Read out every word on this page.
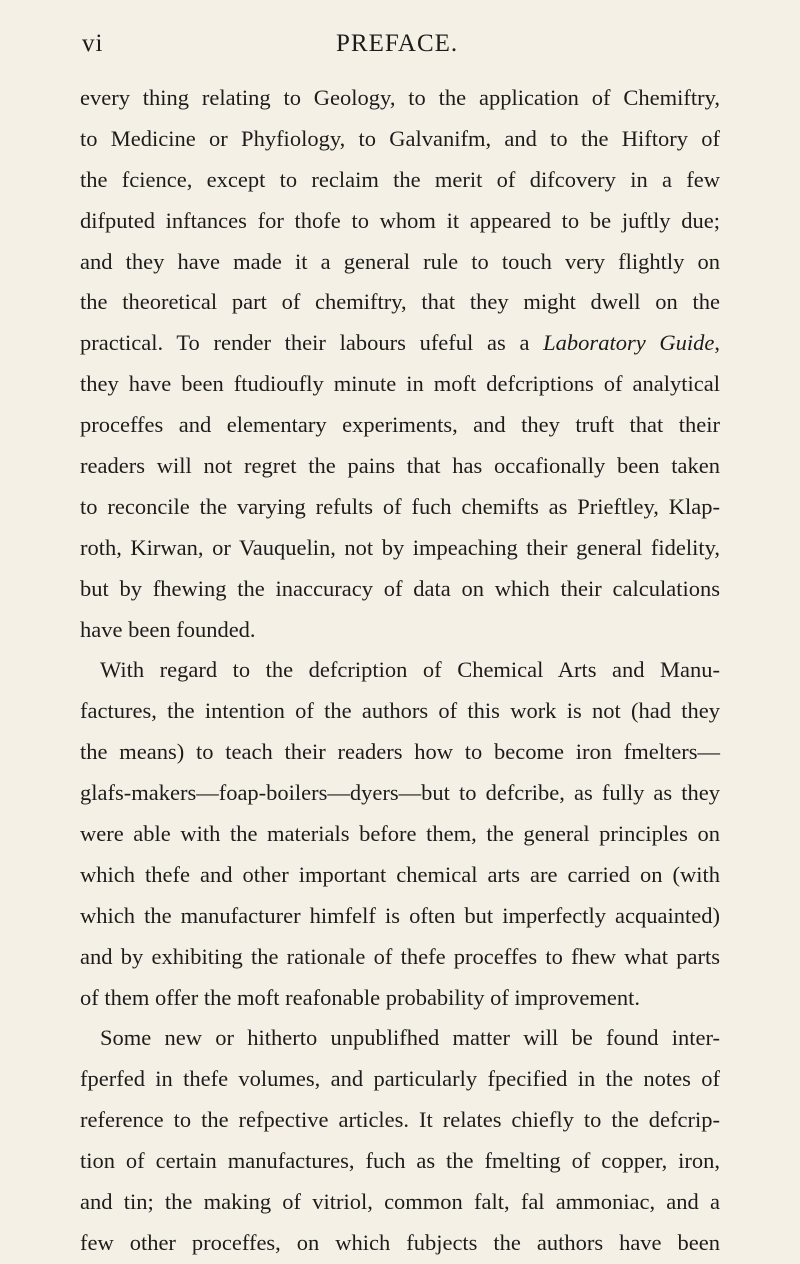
vi	PREFACE.
every thing relating to Geology, to the application of Chemiftry,
to Medicine or Phyfiology, to Galvanifm, and to the Hiftory of
the fcience, except to reclaim the merit of difcovery in a few
difputed inftances for thofe to whom it appeared to be juftly due;
and they have made it a general rule to touch very flightly on
the theoretical part of chemiftry, that they might dwell on the
practical. To render their labours ufeful as a Laboratory Guide,
they have been ftudioufly minute in moft defcriptions of analytical
proceffes and elementary experiments, and they truft that their
readers will not regret the pains that has occafionally been taken
to reconcile the varying refults of fuch chemifts as Prieftley, Klap-
roth, Kirwan, or Vauquelin, not by impeaching their general fidelity,
but by fhewing the inaccuracy of data on which their calculations
have been founded.
With regard to the defcription of Chemical Arts and Manu-
factures, the intention of the authors of this work is not (had they
the means) to teach their readers how to become iron fmelters—
glafs-makers—foap-boilers—dyers—but to defcribe, as fully as they
were able with the materials before them, the general principles on
which thefe and other important chemical arts are carried on (with
which the manufacturer himfelf is often but imperfectly acquainted)
and by exhibiting the rationale of thefe proceffes to fhew what parts
of them offer the moft reafonable probability of improvement.
Some new or hitherto unpublifhed matter will be found inter-
fperfed in thefe volumes, and particularly fpecified in the notes of
reference to the refpective articles. It relates chiefly to the defcrip-
tion of certain manufactures, fuch as the fmelting of copper, iron,
and tin; the making of vitriol, common falt, fal ammoniac, and a
few other proceffes, on which fubjects the authors have been
